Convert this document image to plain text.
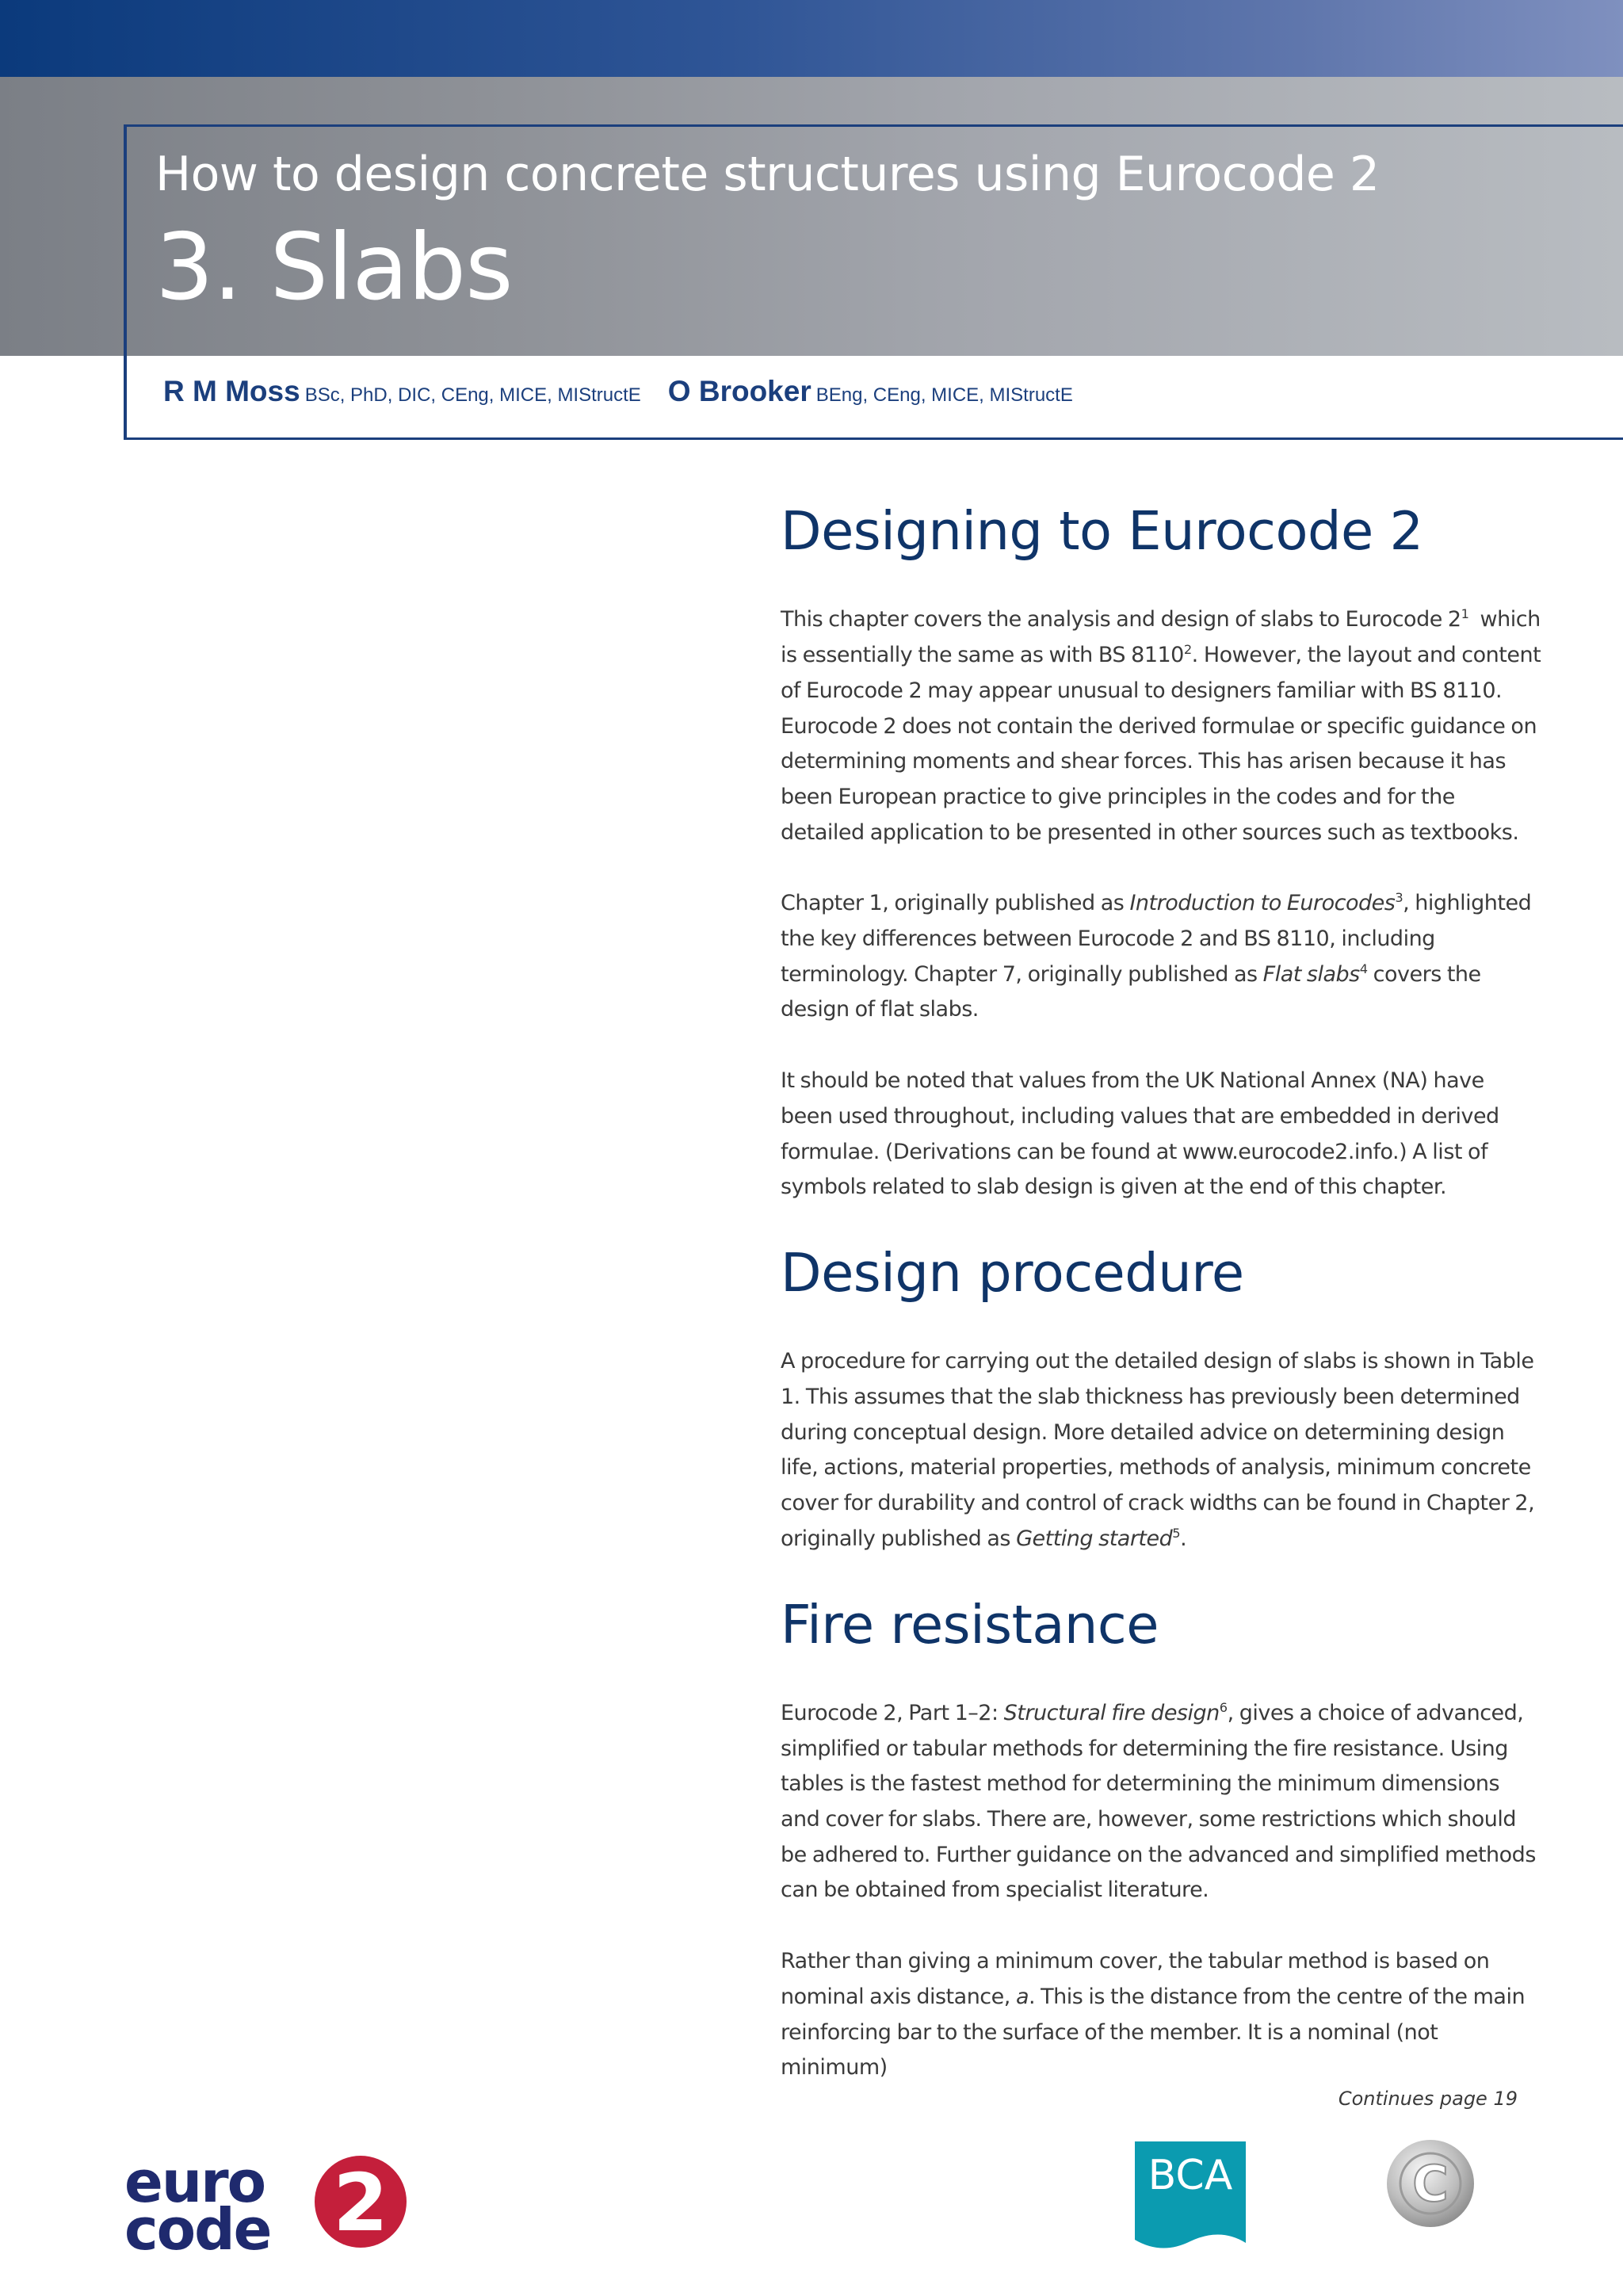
How to design concrete structures using Eurocode 2
3. Slabs
R M Moss BSc, PhD, DIC, CEng, MICE, MIStructE O Brooker BEng, CEng, MICE, MIStructE
Designing to Eurocode 2

This chapter covers the analysis and design of slabs to Eurocode $2^1$  which is essentially the same as with BS 8110$^2$. However, the layout and content of Eurocode 2 may appear unusual to designers familiar with BS 8110. Eurocode 2 does not contain the derived formulae or specific guidance on determining moments and shear forces. This has arisen because it has been European practice to give principles in the codes and for the detailed application to be presented in other sources such as textbooks.

Chapter 1, originally published as Introduction to Eurocodes$^3$, highlighted the key differences between Eurocode 2 and BS 8110, including terminology. Chapter 7, originally published as Flat slabs$^4$ covers the design of flat slabs.

It should be noted that values from the UK National Annex (NA) have been used throughout, including values that are embedded in derived formulae. (Derivations can be found at www.eurocode2.info.) A list of symbols related to slab design is given at the end of this chapter.

Design procedure

A procedure for carrying out the detailed design of slabs is shown in Table 1. This assumes that the slab thickness has previously been determined during conceptual design. More detailed advice on determining design life, actions, material properties, methods of analysis, minimum concrete cover for durability and control of crack widths can be found in Chapter 2, originally published as Getting started$^5$.

Fire resistance

Eurocode 2, Part 1–2: Structural fire design$^6$, gives a choice of advanced, simplified or tabular methods for determining the fire resistance. Using tables is the fastest method for determining the minimum dimensions and cover for slabs. There are, however, some restrictions which should be adhered to. Further guidance on the advanced and simplified methods can be obtained from specialist literature.

Rather than giving a minimum cover, the tabular method is based on nominal axis distance, a. This is the distance from the centre of the main reinforcing bar to the surface of the member. It is a nominal (not minimum)

Continues page 19
euro
code 2	BCA	C
